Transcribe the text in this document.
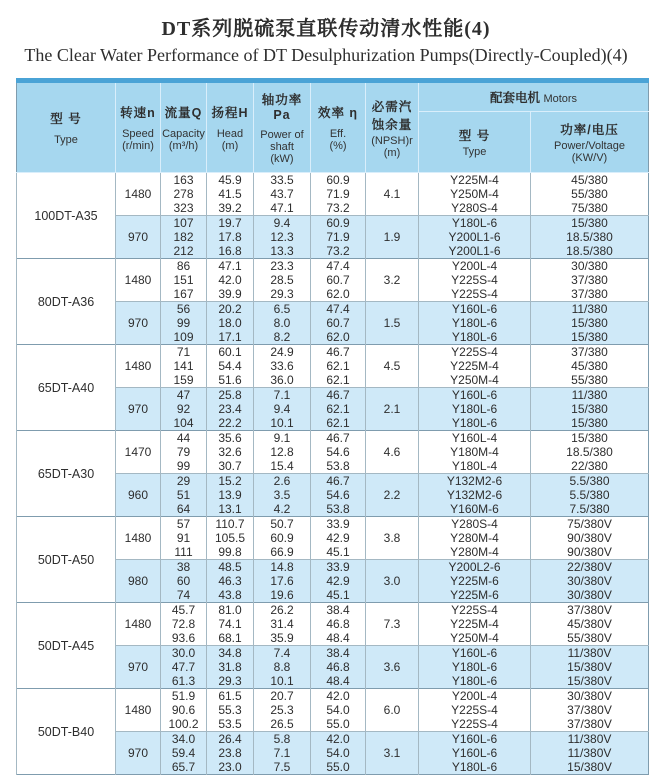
DT系列脱硫泵直联传动清水性能(4)
The Clear Water Performance of DT Desulphurization Pumps(Directly-Coupled)(4)
型 号
Type

转速n
Speed
(r/min)

流量Q
Capacity
(m³/h)

扬程H
Head
(m)

轴功率Pa
Power of shaft
(kW)

效率 η
Eff.
(%)

必需汽蚀余量
(NPSH)r
(m)
	配套电机 Motors

型 号
Type

功率/电压
Power/Voltage
(KW/V)

100DT-A35	1480	163	45.9	33.5	60.9	4.1	Y225M-4	45/380
		278	41.5	43.7	71.9		Y250M-4	55/380
		323	39.2	47.1	73.2		Y280S-4	75/380
	970	107	19.7	9.4	60.9	1.9	Y180L-6	15/380
		182	17.8	12.3	71.9		Y200L1-6	18.5/380
		212	16.8	13.3	73.2		Y200L1-6	18.5/380
80DT-A36	1480	86	47.1	23.3	47.4	3.2	Y200L-4	30/380
		151	42.0	28.5	60.7		Y225S-4	37/380
		167	39.9	29.3	62.0		Y225S-4	37/380
	970	56	20.2	6.5	47.4	1.5	Y160L-6	11/380
		99	18.0	8.0	60.7		Y180L-6	15/380
		109	17.1	8.2	62.0		Y180L-6	15/380
65DT-A40	1480	71	60.1	24.9	46.7	4.5	Y225S-4	37/380
		141	54.4	33.6	62.1		Y225M-4	45/380
		159	51.6	36.0	62.1		Y250M-4	55/380
	970	47	25.8	7.1	46.7	2.1	Y160L-6	11/380
		92	23.4	9.4	62.1		Y180L-6	15/380
		104	22.2	10.1	62.1		Y180L-6	15/380
65DT-A30	1470	44	35.6	9.1	46.7	4.6	Y160L-4	15/380
		79	32.6	12.8	54.6		Y180M-4	18.5/380
		99	30.7	15.4	53.8		Y180L-4	22/380
	960	29	15.2	2.6	46.7	2.2	Y132M2-6	5.5/380
		51	13.9	3.5	54.6		Y132M2-6	5.5/380
		64	13.1	4.2	53.8		Y160M-6	7.5/380
50DT-A50	1480	57	110.7	50.7	33.9	3.8	Y280S-4	75/380V
		91	105.5	60.9	42.9		Y280M-4	90/380V
		111	99.8	66.9	45.1		Y280M-4	90/380V
	980	38	48.5	14.8	33.9	3.0	Y200L2-6	22/380V
		60	46.3	17.6	42.9		Y225M-6	30/380V
		74	43.8	19.6	45.1		Y225M-6	30/380V
50DT-A45	1480	45.7	81.0	26.2	38.4	7.3	Y225S-4	37/380V
		72.8	74.1	31.4	46.8		Y225M-4	45/380V
		93.6	68.1	35.9	48.4		Y250M-4	55/380V
	970	30.0	34.8	7.4	38.4	3.6	Y160L-6	11/380V
		47.7	31.8	8.8	46.8		Y180L-6	15/380V
		61.3	29.3	10.1	48.4		Y180L-6	15/380V
50DT-B40	1480	51.9	61.5	20.7	42.0	6.0	Y200L-4	30/380V
		90.6	55.3	25.3	54.0		Y225S-4	37/380V
		100.2	53.5	26.5	55.0		Y225S-4	37/380V
	970	34.0	26.4	5.8	42.0	3.1	Y160L-6	11/380V
		59.4	23.8	7.1	54.0		Y160L-6	11/380V
		65.7	23.0	7.5	55.0		Y180L-6	15/380V
